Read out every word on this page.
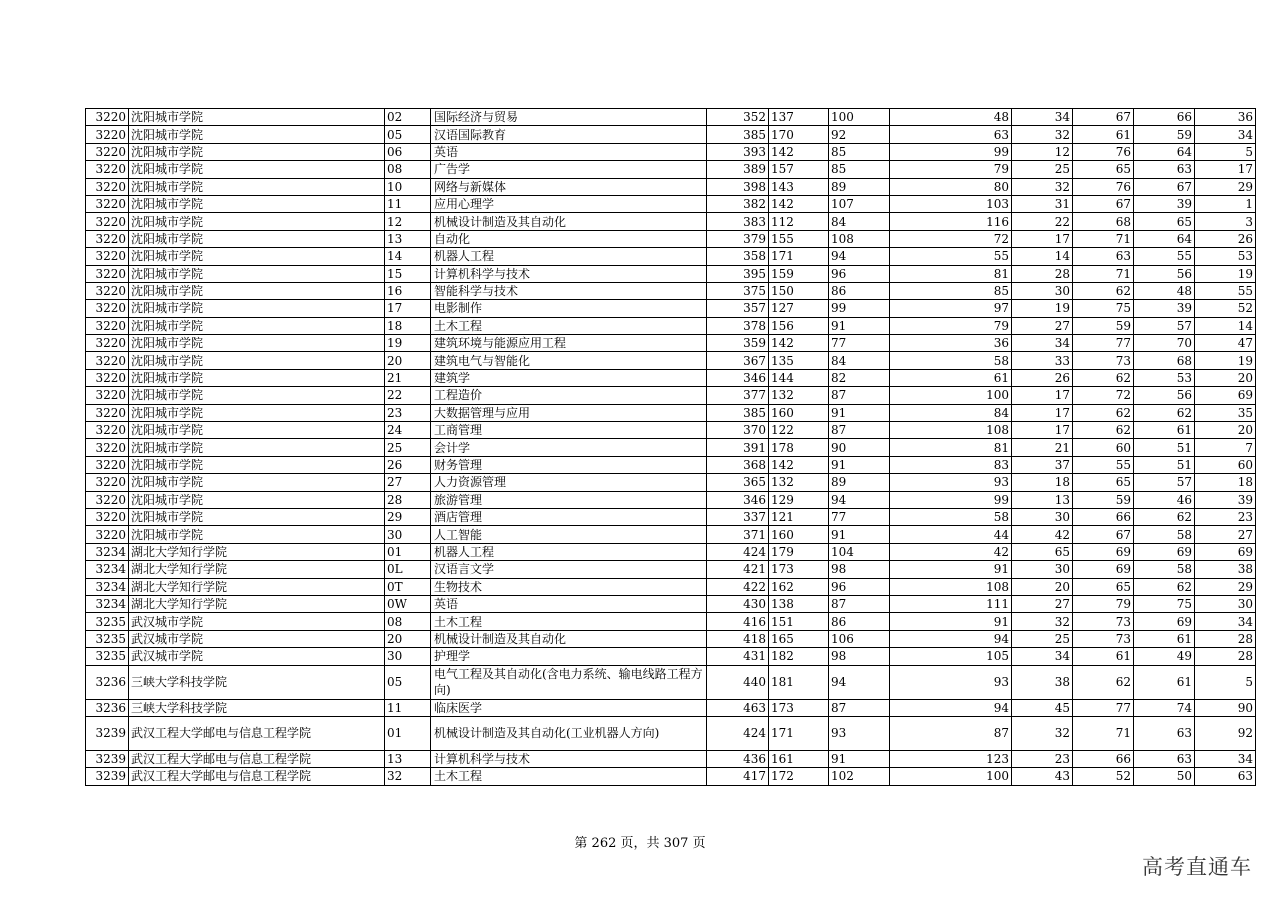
3220	沈阳城市学院	02	国际经济与贸易	352	137	100	48	34	67	66	36
3220	沈阳城市学院	05	汉语国际教育	385	170	92	63	32	61	59	34
3220	沈阳城市学院	06	英语	393	142	85	99	12	76	64	5
3220	沈阳城市学院	08	广告学	389	157	85	79	25	65	63	17
3220	沈阳城市学院	10	网络与新媒体	398	143	89	80	32	76	67	29
3220	沈阳城市学院	11	应用心理学	382	142	107	103	31	67	39	1
3220	沈阳城市学院	12	机械设计制造及其自动化	383	112	84	116	22	68	65	3
3220	沈阳城市学院	13	自动化	379	155	108	72	17	71	64	26
3220	沈阳城市学院	14	机器人工程	358	171	94	55	14	63	55	53
3220	沈阳城市学院	15	计算机科学与技术	395	159	96	81	28	71	56	19
3220	沈阳城市学院	16	智能科学与技术	375	150	86	85	30	62	48	55
3220	沈阳城市学院	17	电影制作	357	127	99	97	19	75	39	52
3220	沈阳城市学院	18	土木工程	378	156	91	79	27	59	57	14
3220	沈阳城市学院	19	建筑环境与能源应用工程	359	142	77	36	34	77	70	47
3220	沈阳城市学院	20	建筑电气与智能化	367	135	84	58	33	73	68	19
3220	沈阳城市学院	21	建筑学	346	144	82	61	26	62	53	20
3220	沈阳城市学院	22	工程造价	377	132	87	100	17	72	56	69
3220	沈阳城市学院	23	大数据管理与应用	385	160	91	84	17	62	62	35
3220	沈阳城市学院	24	工商管理	370	122	87	108	17	62	61	20
3220	沈阳城市学院	25	会计学	391	178	90	81	21	60	51	7
3220	沈阳城市学院	26	财务管理	368	142	91	83	37	55	51	60
3220	沈阳城市学院	27	人力资源管理	365	132	89	93	18	65	57	18
3220	沈阳城市学院	28	旅游管理	346	129	94	99	13	59	46	39
3220	沈阳城市学院	29	酒店管理	337	121	77	58	30	66	62	23
3220	沈阳城市学院	30	人工智能	371	160	91	44	42	67	58	27
3234	湖北大学知行学院	01	机器人工程	424	179	104	42	65	69	69	69
3234	湖北大学知行学院	0L	汉语言文学	421	173	98	91	30	69	58	38
3234	湖北大学知行学院	0T	生物技术	422	162	96	108	20	65	62	29
3234	湖北大学知行学院	0W	英语	430	138	87	111	27	79	75	30
3235	武汉城市学院	08	土木工程	416	151	86	91	32	73	69	34
3235	武汉城市学院	20	机械设计制造及其自动化	418	165	106	94	25	73	61	28
3235	武汉城市学院	30	护理学	431	182	98	105	34	61	49	28
3236	三峡大学科技学院	05	电气工程及其自动化(含电力系统、输电线路工程方向)	440	181	94	93	38	62	61	5
3236	三峡大学科技学院	11	临床医学	463	173	87	94	45	77	74	90
3239	武汉工程大学邮电与信息工程学院	01	机械设计制造及其自动化(工业机器人方向)	424	171	93	87	32	71	63	92
3239	武汉工程大学邮电与信息工程学院	13	计算机科学与技术	436	161	91	123	23	66	63	34
3239	武汉工程大学邮电与信息工程学院	32	土木工程	417	172	102	100	43	52	50	63
第 262 页，共 307 页
高考直通车
